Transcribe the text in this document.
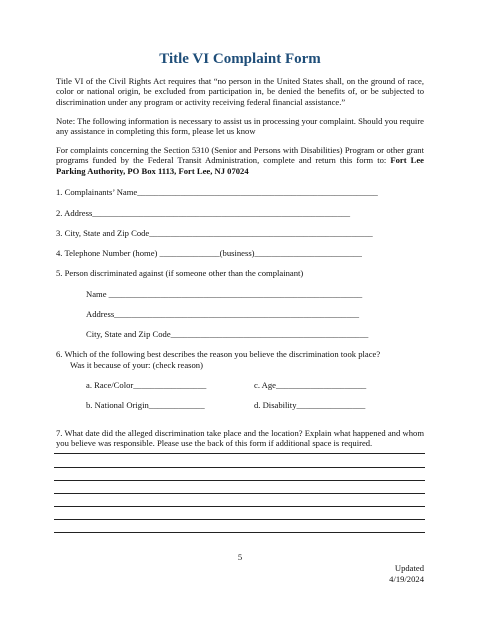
Title VI Complaint Form
Title VI of the Civil Rights Act requires that “no person in the United States shall, on the ground of race, color or national origin, be excluded from participation in, be denied the benefits of, or be subjected to discrimination under any program or activity receiving federal financial assistance.”
Note: The following information is necessary to assist us in processing your complaint. Should you require any assistance in completing this form, please let us know
For complaints concerning the Section 5310 (Senior and Persons with Disabilities) Program or other grant programs funded by the Federal Transit Administration, complete and return this form to: Fort Lee Parking Authority, PO Box 1113, Fort Lee, NJ 07024
1. Complainants’ Name________________________________________________________
2. Address____________________________________________________________
3. City, State and Zip Code____________________________________________________
4. Telephone Number (home) ______________(business)_________________________
5. Person discriminated against (if someone other than the complainant)
Name ___________________________________________________________
Address_________________________________________________________
City, State and Zip Code______________________________________________
6. Which of the following best describes the reason you believe the discrimination took place?
Was it because of your: (check reason)
a. Race/Color_________________	c. Age_____________________
b. National Origin_____________	d. Disability________________
7. What date did the alleged discrimination take place and the location? Explain what happened and whom you believe was responsible. Please use the back of this form if additional space is required.
5
Updated
4/19/2024
